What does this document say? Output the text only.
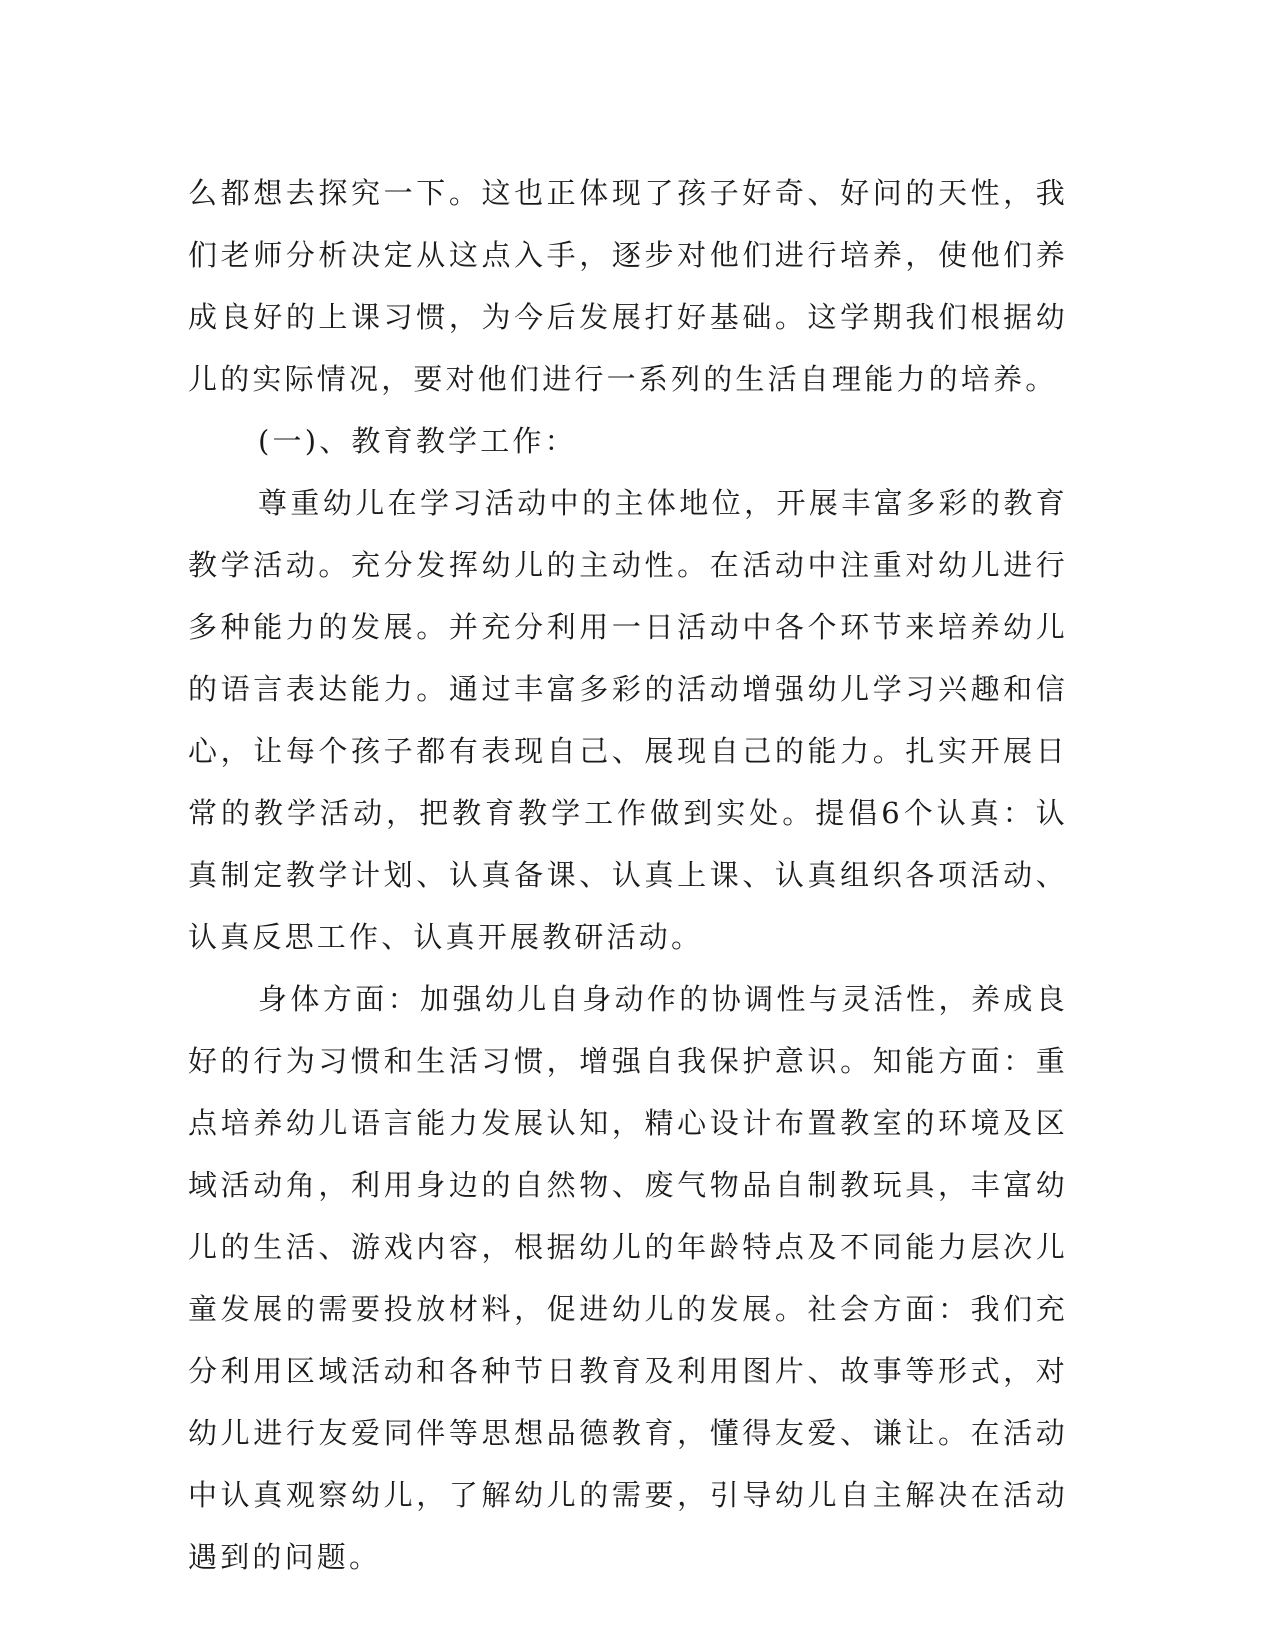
么都想去探究一下。这也正体现了孩子好奇、好问的天性，我们老师分析决定从这点入手，逐步对他们进行培养，使他们养成良好的上课习惯，为今后发展打好基础。这学期我们根据幼儿的实际情况，要对他们进行一系列的生活自理能力的培养。

(一)、教育教学工作：

尊重幼儿在学习活动中的主体地位，开展丰富多彩的教育教学活动。充分发挥幼儿的主动性。在活动中注重对幼儿进行多种能力的发展。并充分利用一日活动中各个环节来培养幼儿的语言表达能力。通过丰富多彩的活动增强幼儿学习兴趣和信心，让每个孩子都有表现自己、展现自己的能力。扎实开展日常的教学活动，把教育教学工作做到实处。提倡6个认真：认真制定教学计划、认真备课、认真上课、认真组织各项活动、认真反思工作、认真开展教研活动。

身体方面：加强幼儿自身动作的协调性与灵活性，养成良好的行为习惯和生活习惯，增强自我保护意识。知能方面：重点培养幼儿语言能力发展认知，精心设计布置教室的环境及区域活动角，利用身边的自然物、废气物品自制教玩具，丰富幼儿的生活、游戏内容，根据幼儿的年龄特点及不同能力层次儿童发展的需要投放材料，促进幼儿的发展。社会方面：我们充分利用区域活动和各种节日教育及利用图片、故事等形式，对幼儿进行友爱同伴等思想品德教育，懂得友爱、谦让。在活动中认真观察幼儿，了解幼儿的需要，引导幼儿自主解决在活动遇到的问题。
